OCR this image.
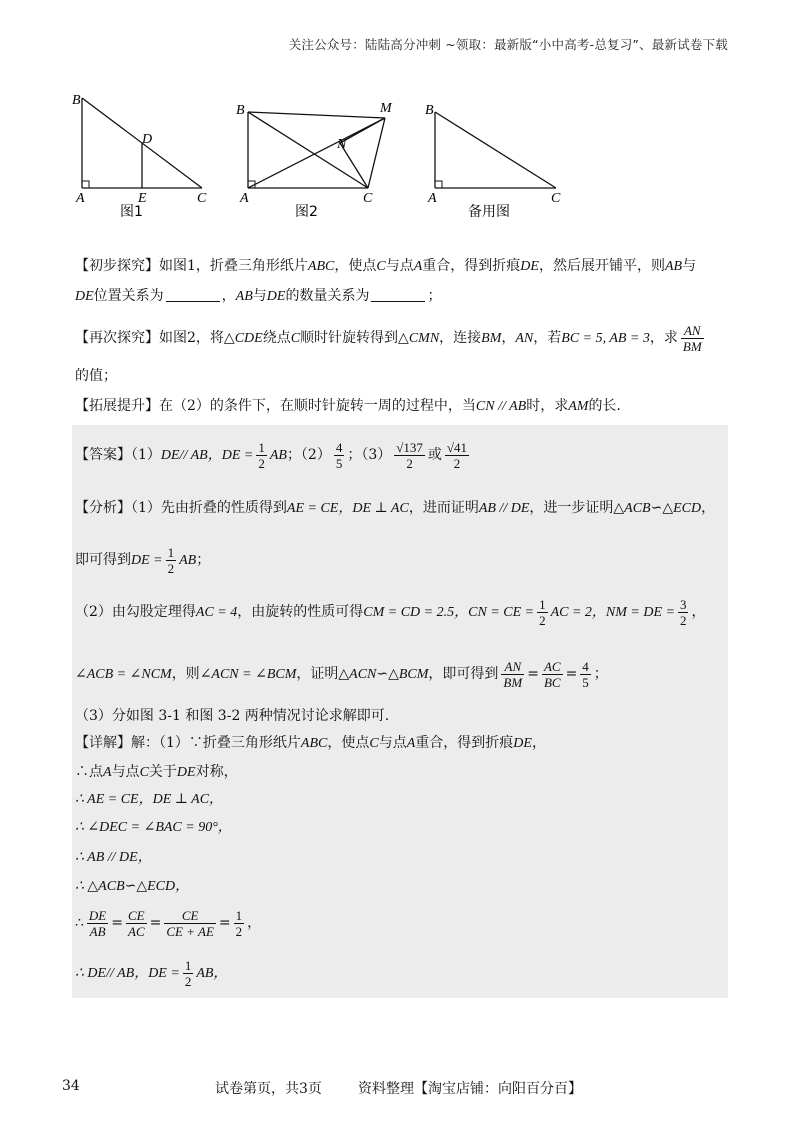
关注公众号：陆陆高分冲刺 ~领取：最新版“小中高考-总复习”、最新试卷下载
B
D
A	E	C
图1
B	M
N
A	C
图2
B
A	C
备用图
【初步探究】如图1，折叠三角形纸片ABC，使点C与点A重合，得到折痕DE，然后展开铺平，则AB与
DE位置关系为	，AB与DE的数量关系为	；
【再次探究】如图2，将△CDE绕点C顺时针旋转得到△CMN，连接BM，AN，若BC = 5, AB = 3，求 $\frac{AN}{BM}$
的值；
【拓展提升】在（2）的条件下，在顺时针旋转一周的过程中，当CN // AB时，求AM的长.
【答案】（1）DE// AB，DE = $\frac{1}{2}$ AB；$(2) \frac{4}{5}$ ；$(3) \frac{√137}{2}$ 或 $\frac{√41}{2}$
【分析】（1）先由折叠的性质得到AE = CE，DE ⊥ AC，进而证明AB // DE，进一步证明△ACB∽△ECD，
即可得到DE = $\frac{1}{2}$ AB；
（2）由勾股定理得AC = 4，由旋转的性质可得CM = CD = 2.5，CN = CE = $\frac{1}{2}$ AC = 2，NM = DE = $\frac{3}{2}$ ，
∠ACB = ∠NCM，则∠ACN = ∠BCM，证明△ACN∽△BCM，即可得到 $\frac{AN}{BM} = \frac{AC}{BC} = \frac{4}{5}$ ；
（3）分如图 3-1 和图 3-2 两种情况讨论求解即可.
【详解】解：（1）∵折叠三角形纸片ABC，使点C与点A重合，得到折痕DE，
∴点A与点C关于DE对称，
∴ AE = CE，DE ⊥ AC，
∴ ∠DEC = ∠BAC = 90°，
∴ AB // DE，
∴ △ACB∽△ECD，
∴ $\frac{DE}{AB} = \frac{CE}{AC} = \frac{CE}{CE + AE} = \frac{1}{2}$ ，
∴ DE// AB，DE = $\frac{1}{2}$ AB，
34	试卷第页，共3页	资料整理【淘宝店铺：向阳百分百】
